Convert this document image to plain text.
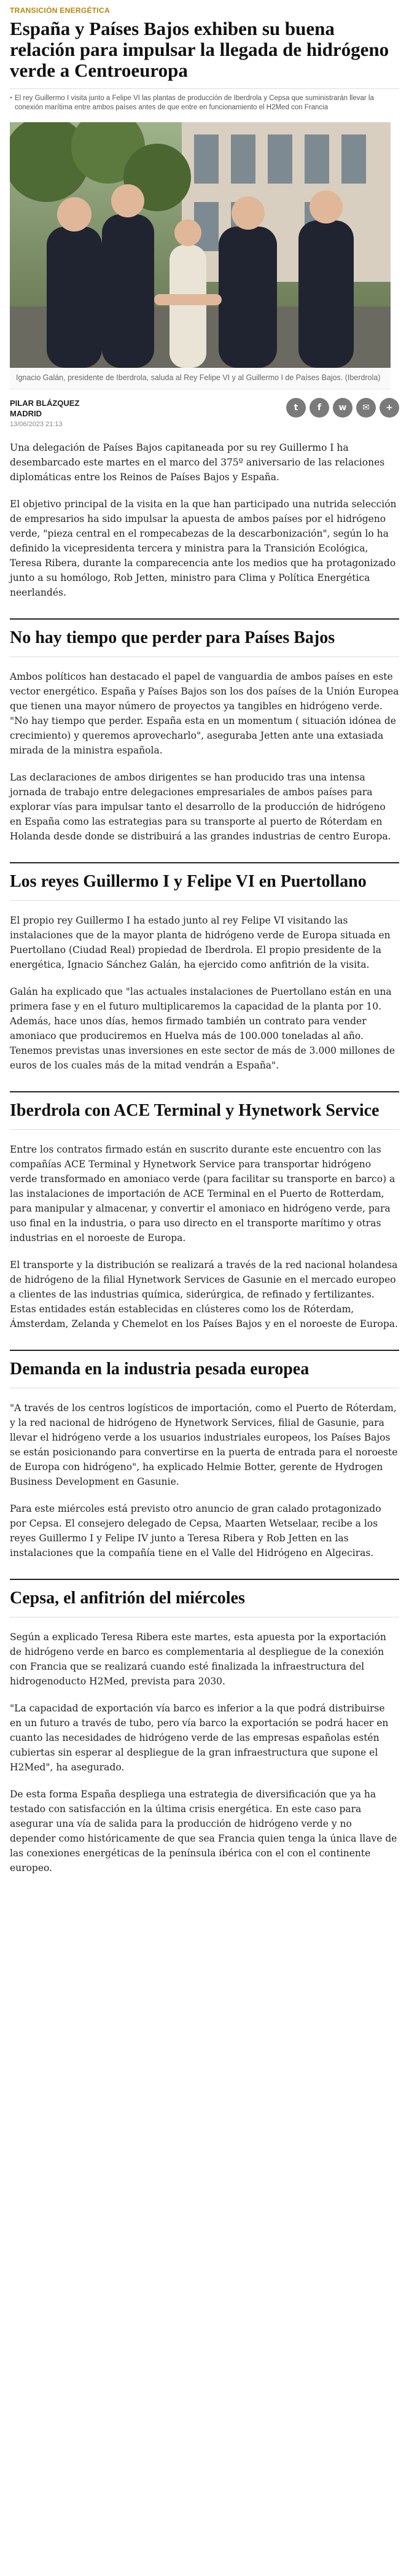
TRANSICIÓN ENERGÉTICA
España y Países Bajos exhiben su buena relación para impulsar la llegada de hidrógeno verde a Centroeuropa

• El rey Guillermo I visita junto a Felipe VI las plantas de producción de Iberdrola y Cepsa que suministrarán llevar la conexión marítima entre ambos países antes de que entre en funcionamiento el H2Med con Francia

Ignacio Galán, presidente de Iberdrola, saluda al Rey Felipe VI y al Guillermo I de Países Bajos. (Iberdrola)
PILAR BLÁZQUEZ
MADRID
13/06/2023 21:13
t	f	w	✉	+

Una delegación de Países Bajos capitaneada por su rey Guillermo I ha desembarcado este martes en el marco del 375º aniversario de las relaciones diplomáticas entre los Reinos de Países Bajos y España.

El objetivo principal de la visita en la que han participado una nutrida selección de empresarios ha sido impulsar la apuesta de ambos países por el hidrógeno verde, "pieza central en el rompecabezas de la descarbonización", según lo ha definido la vicepresidenta tercera y ministra para la Transición Ecológica, Teresa Ribera, durante la comparecencia ante los medios que ha protagonizado junto a su homólogo, Rob Jetten, ministro para Clima y Política Energética neerlandés.

No hay tiempo que perder para Países Bajos

Ambos políticos han destacado el papel de vanguardia de ambos países en este vector energético. España y Países Bajos son los dos países de la Unión Europea que tienen una mayor número de proyectos ya tangibles en hidrógeno verde. "No hay tiempo que perder. España esta en un momentum ( situación idónea de crecimiento) y queremos aprovecharlo", aseguraba Jetten ante una extasiada mirada de la ministra española.

Las declaraciones de ambos dirigentes se han producido tras una intensa jornada de trabajo entre delegaciones empresariales de ambos países para explorar vías para impulsar tanto el desarrollo de la producción de hidrógeno en España como las estrategias para su transporte al puerto de Róterdam en Holanda desde donde se distribuirá a las grandes industrias de centro Europa.

Los reyes Guillermo I y Felipe VI en Puertollano

El propio rey Guillermo I ha estado junto al rey Felipe VI visitando las instalaciones que de la mayor planta de hidrógeno verde de Europa situada en Puertollano (Ciudad Real) propiedad de Iberdrola. El propio presidente de la energética, Ignacio Sánchez Galán, ha ejercido como anfitrión de la visita.

Galán ha explicado que "las actuales instalaciones de Puertollano están en una primera fase y en el futuro multiplicaremos la capacidad de la planta por 10. Además, hace unos días, hemos firmado también un contrato para vender amoniaco que produciremos en Huelva más de 100.000 toneladas al año. Tenemos previstas unas inversiones en este sector de más de 3.000 millones de euros de los cuales más de la mitad vendrán a España".

Iberdrola con ACE Terminal y Hynetwork Service

Entre los contratos firmado están en suscrito durante este encuentro con las compañías ACE Terminal y Hynetwork Service para transportar hidrógeno verde transformado en amoniaco verde (para facilitar su transporte en barco) a las instalaciones de importación de ACE Terminal en el Puerto de Rotterdam, para manipular y almacenar, y convertir el amoniaco en hidrógeno verde, para uso final en la industria, o para uso directo en el transporte marítimo y otras industrias en el noroeste de Europa.

El transporte y la distribución se realizará a través de la red nacional holandesa de hidrógeno de la filial Hynetwork Services de Gasunie en el mercado europeo a clientes de las industrias química, siderúrgica, de refinado y fertilizantes. Estas entidades están establecidas en clústeres como los de Róterdam, Ámsterdam, Zelanda y Chemelot en los Países Bajos y en el noroeste de Europa.

Demanda en la industria pesada europea

"A través de los centros logísticos de importación, como el Puerto de Róterdam, y la red nacional de hidrógeno de Hynetwork Services, filial de Gasunie, para llevar el hidrógeno verde a los usuarios industriales europeos, los Países Bajos se están posicionando para convertirse en la puerta de entrada para el noroeste de Europa con hidrógeno", ha explicado Helmie Botter, gerente de Hydrogen Business Development en Gasunie.

Para este miércoles está previsto otro anuncio de gran calado protagonizado por Cepsa. El consejero delegado de Cepsa, Maarten Wetselaar, recibe a los reyes Guillermo I y Felipe IV junto a Teresa Ribera y Rob Jetten en las instalaciones que la compañía tiene en el Valle del Hidrógeno en Algeciras.

Cepsa, el anfitrión del miércoles

Según a explicado Teresa Ribera este martes, esta apuesta por la exportación de hidrógeno verde en barco es complementaria al despliegue de la conexión con Francia que se realizará cuando esté finalizada la infraestructura del hidrogenoducto H2Med, prevista para 2030.

"La capacidad de exportación vía barco es inferior a la que podrá distribuirse en un futuro a través de tubo, pero vía barco la exportación se podrá hacer en cuanto las necesidades de hidrógeno verde de las empresas españolas estén cubiertas sin esperar al despliegue de la gran infraestructura que supone el H2Med", ha asegurado.

De esta forma España despliega una estrategia de diversificación que ya ha testado con satisfacción en la última crisis energética. En este caso para asegurar una vía de salida para la producción de hidrógeno verde y no depender como históricamente de que sea Francia quien tenga la única llave de las conexiones energéticas de la península ibérica con el con el continente europeo.
